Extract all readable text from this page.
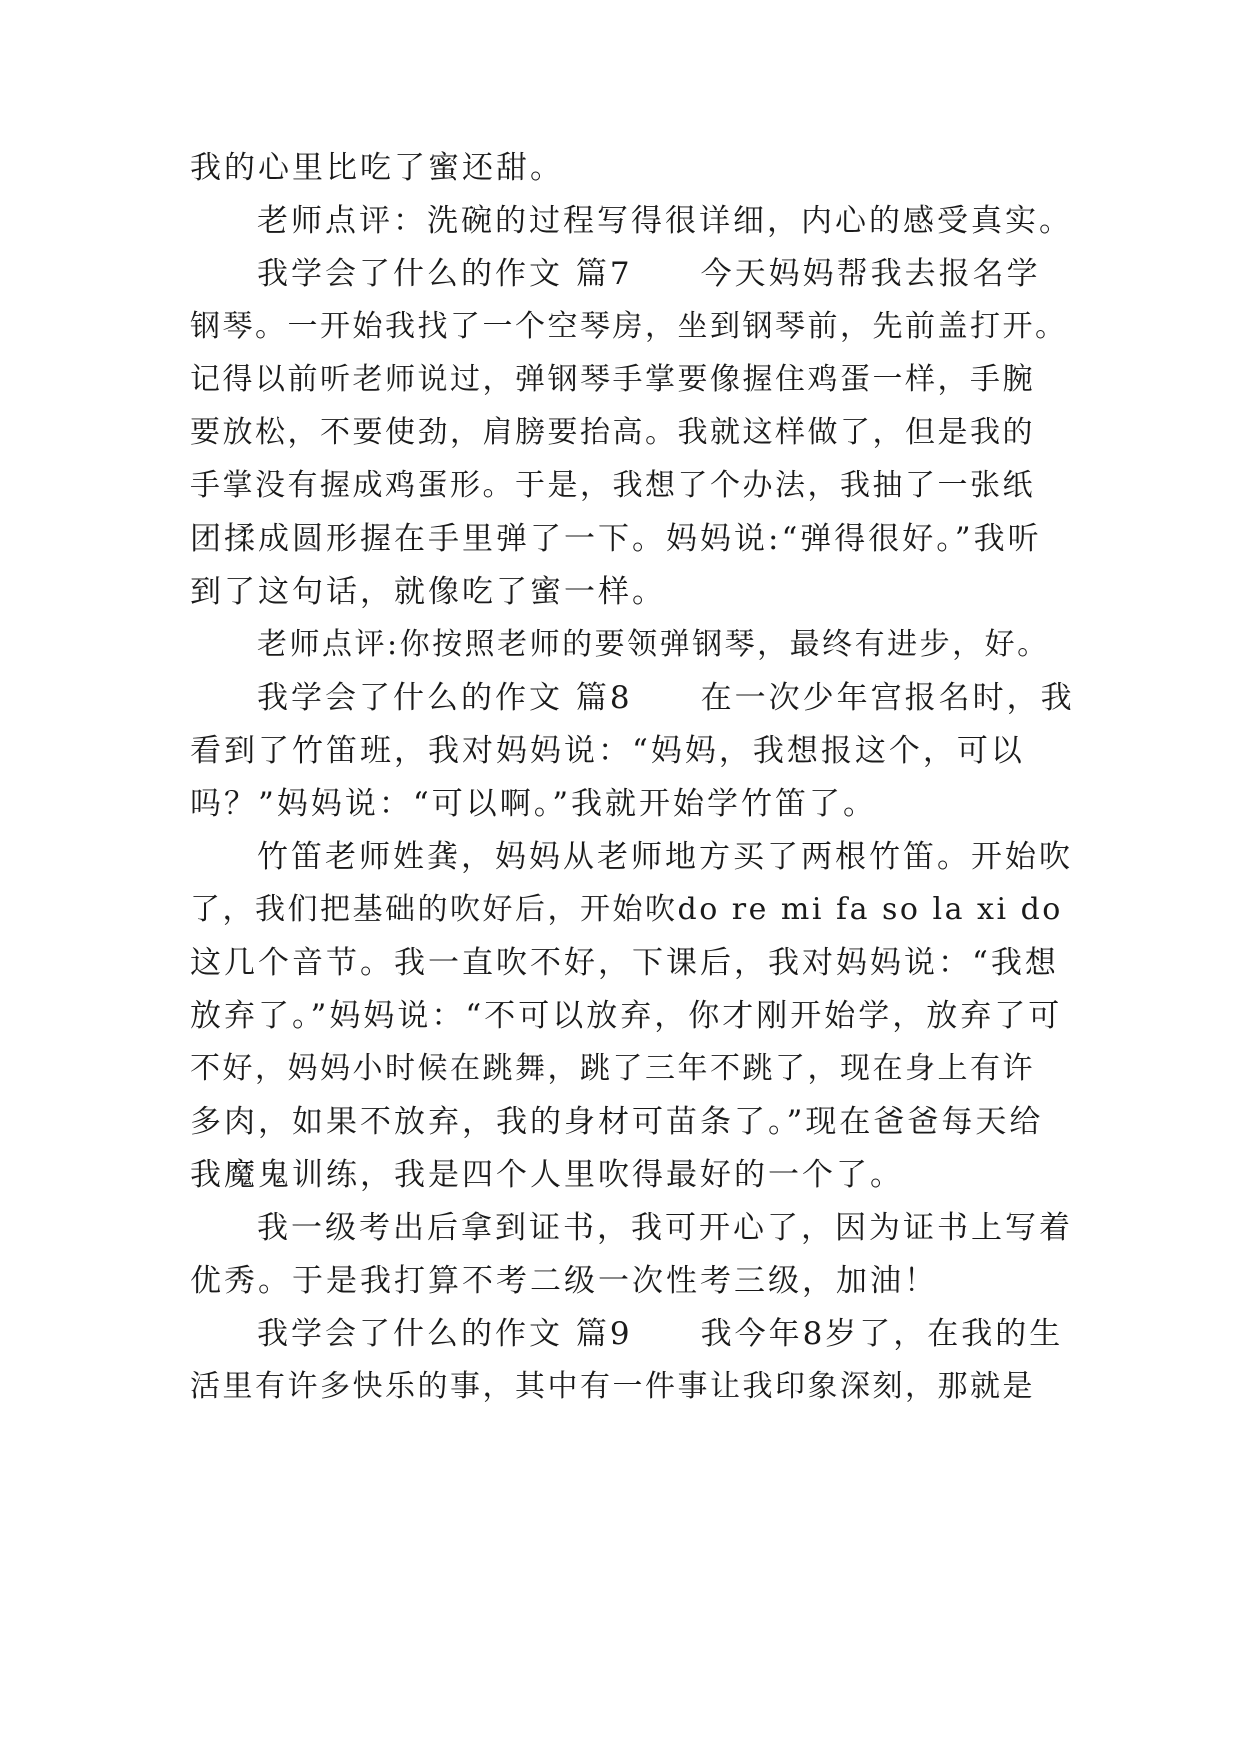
我的心里比吃了蜜还甜。
老师点评：洗碗的过程写得很详细，内心的感受真实。
我学会了什么的作文 篇7　　今天妈妈帮我去报名学
钢琴。一开始我找了一个空琴房，坐到钢琴前，先前盖打开。
记得以前听老师说过，弹钢琴手掌要像握住鸡蛋一样，手腕
要放松，不要使劲，肩膀要抬高。我就这样做了，但是我的
手掌没有握成鸡蛋形。于是，我想了个办法，我抽了一张纸
团揉成圆形握在手里弹了一下。妈妈说:“弹得很好。”我听
到了这句话，就像吃了蜜一样。
老师点评:你按照老师的要领弹钢琴，最终有进步，好。
我学会了什么的作文 篇8　　在一次少年宫报名时，我
看到了竹笛班，我对妈妈说：“妈妈，我想报这个，可以
吗？”妈妈说：“可以啊。”我就开始学竹笛了。
竹笛老师姓龚，妈妈从老师地方买了两根竹笛。开始吹
了，我们把基础的吹好后，开始吹do re mi fa so la xi do
这几个音节。我一直吹不好，下课后，我对妈妈说：“我想
放弃了。”妈妈说：“不可以放弃，你才刚开始学，放弃了可
不好，妈妈小时候在跳舞，跳了三年不跳了，现在身上有许
多肉，如果不放弃，我的身材可苗条了。”现在爸爸每天给
我魔鬼训练，我是四个人里吹得最好的一个了。
我一级考出后拿到证书，我可开心了，因为证书上写着
优秀。于是我打算不考二级一次性考三级，加油！
我学会了什么的作文 篇9　　我今年8岁了，在我的生
活里有许多快乐的事，其中有一件事让我印象深刻，那就是
